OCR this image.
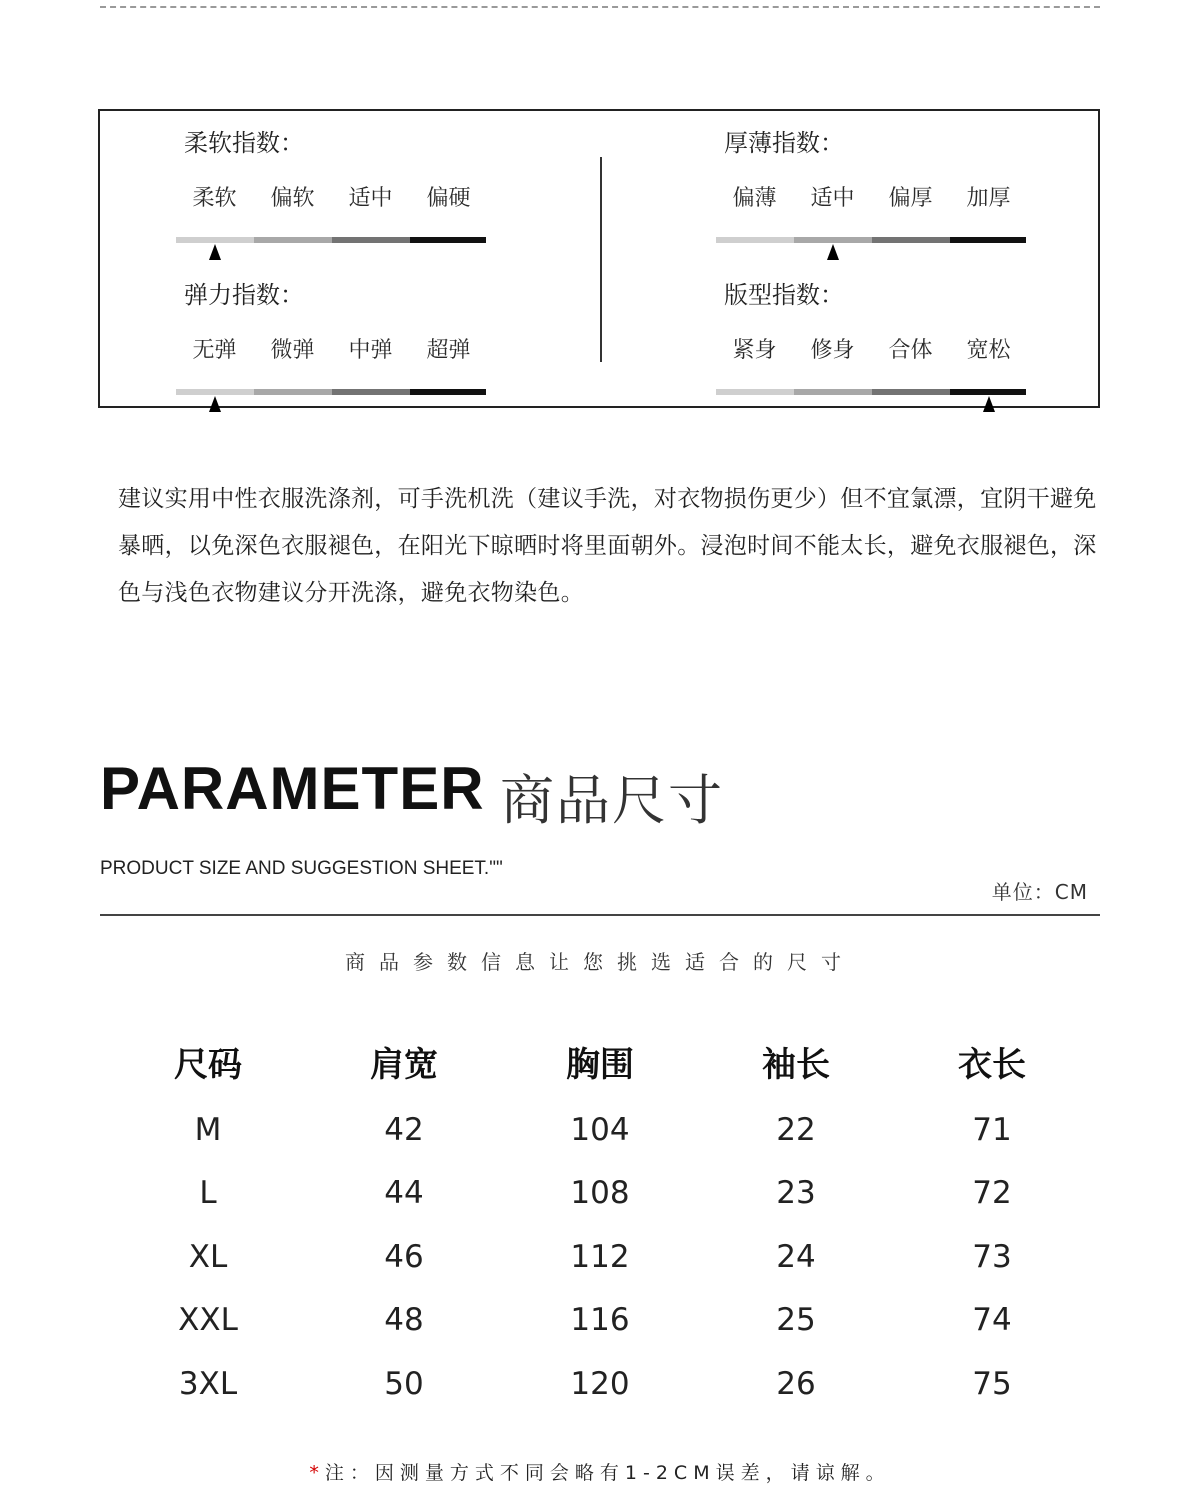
柔软指数：
柔软	偏软	适中	偏硬
厚薄指数：
偏薄	适中	偏厚	加厚
弹力指数：
无弹	微弹	中弹	超弹
版型指数：
紧身	修身	合体	宽松
建议实用中性衣服洗涤剂，可手洗机洗（建议手洗，对衣物损伤更少）但不宜氯漂，宜阴干避免暴晒，以免深色衣服褪色，在阳光下晾晒时将里面朝外。浸泡时间不能太长，避免衣服褪色，深色与浅色衣物建议分开洗涤，避免衣物染色。
PARAMETER 商品尺寸
PRODUCT SIZE AND SUGGESTION SHEET.""
单位：CM
商品参数信息让您挑选适合的尺寸
尺码	肩宽	胸围	袖长	衣长
M	42	104	22	71
L	44	108	23	72
XL	46	112	24	73
XXL	48	116	25	74
3XL	50	120	26	75
* 注：因测量方式不同会略有1-2CM误差，请谅解。
